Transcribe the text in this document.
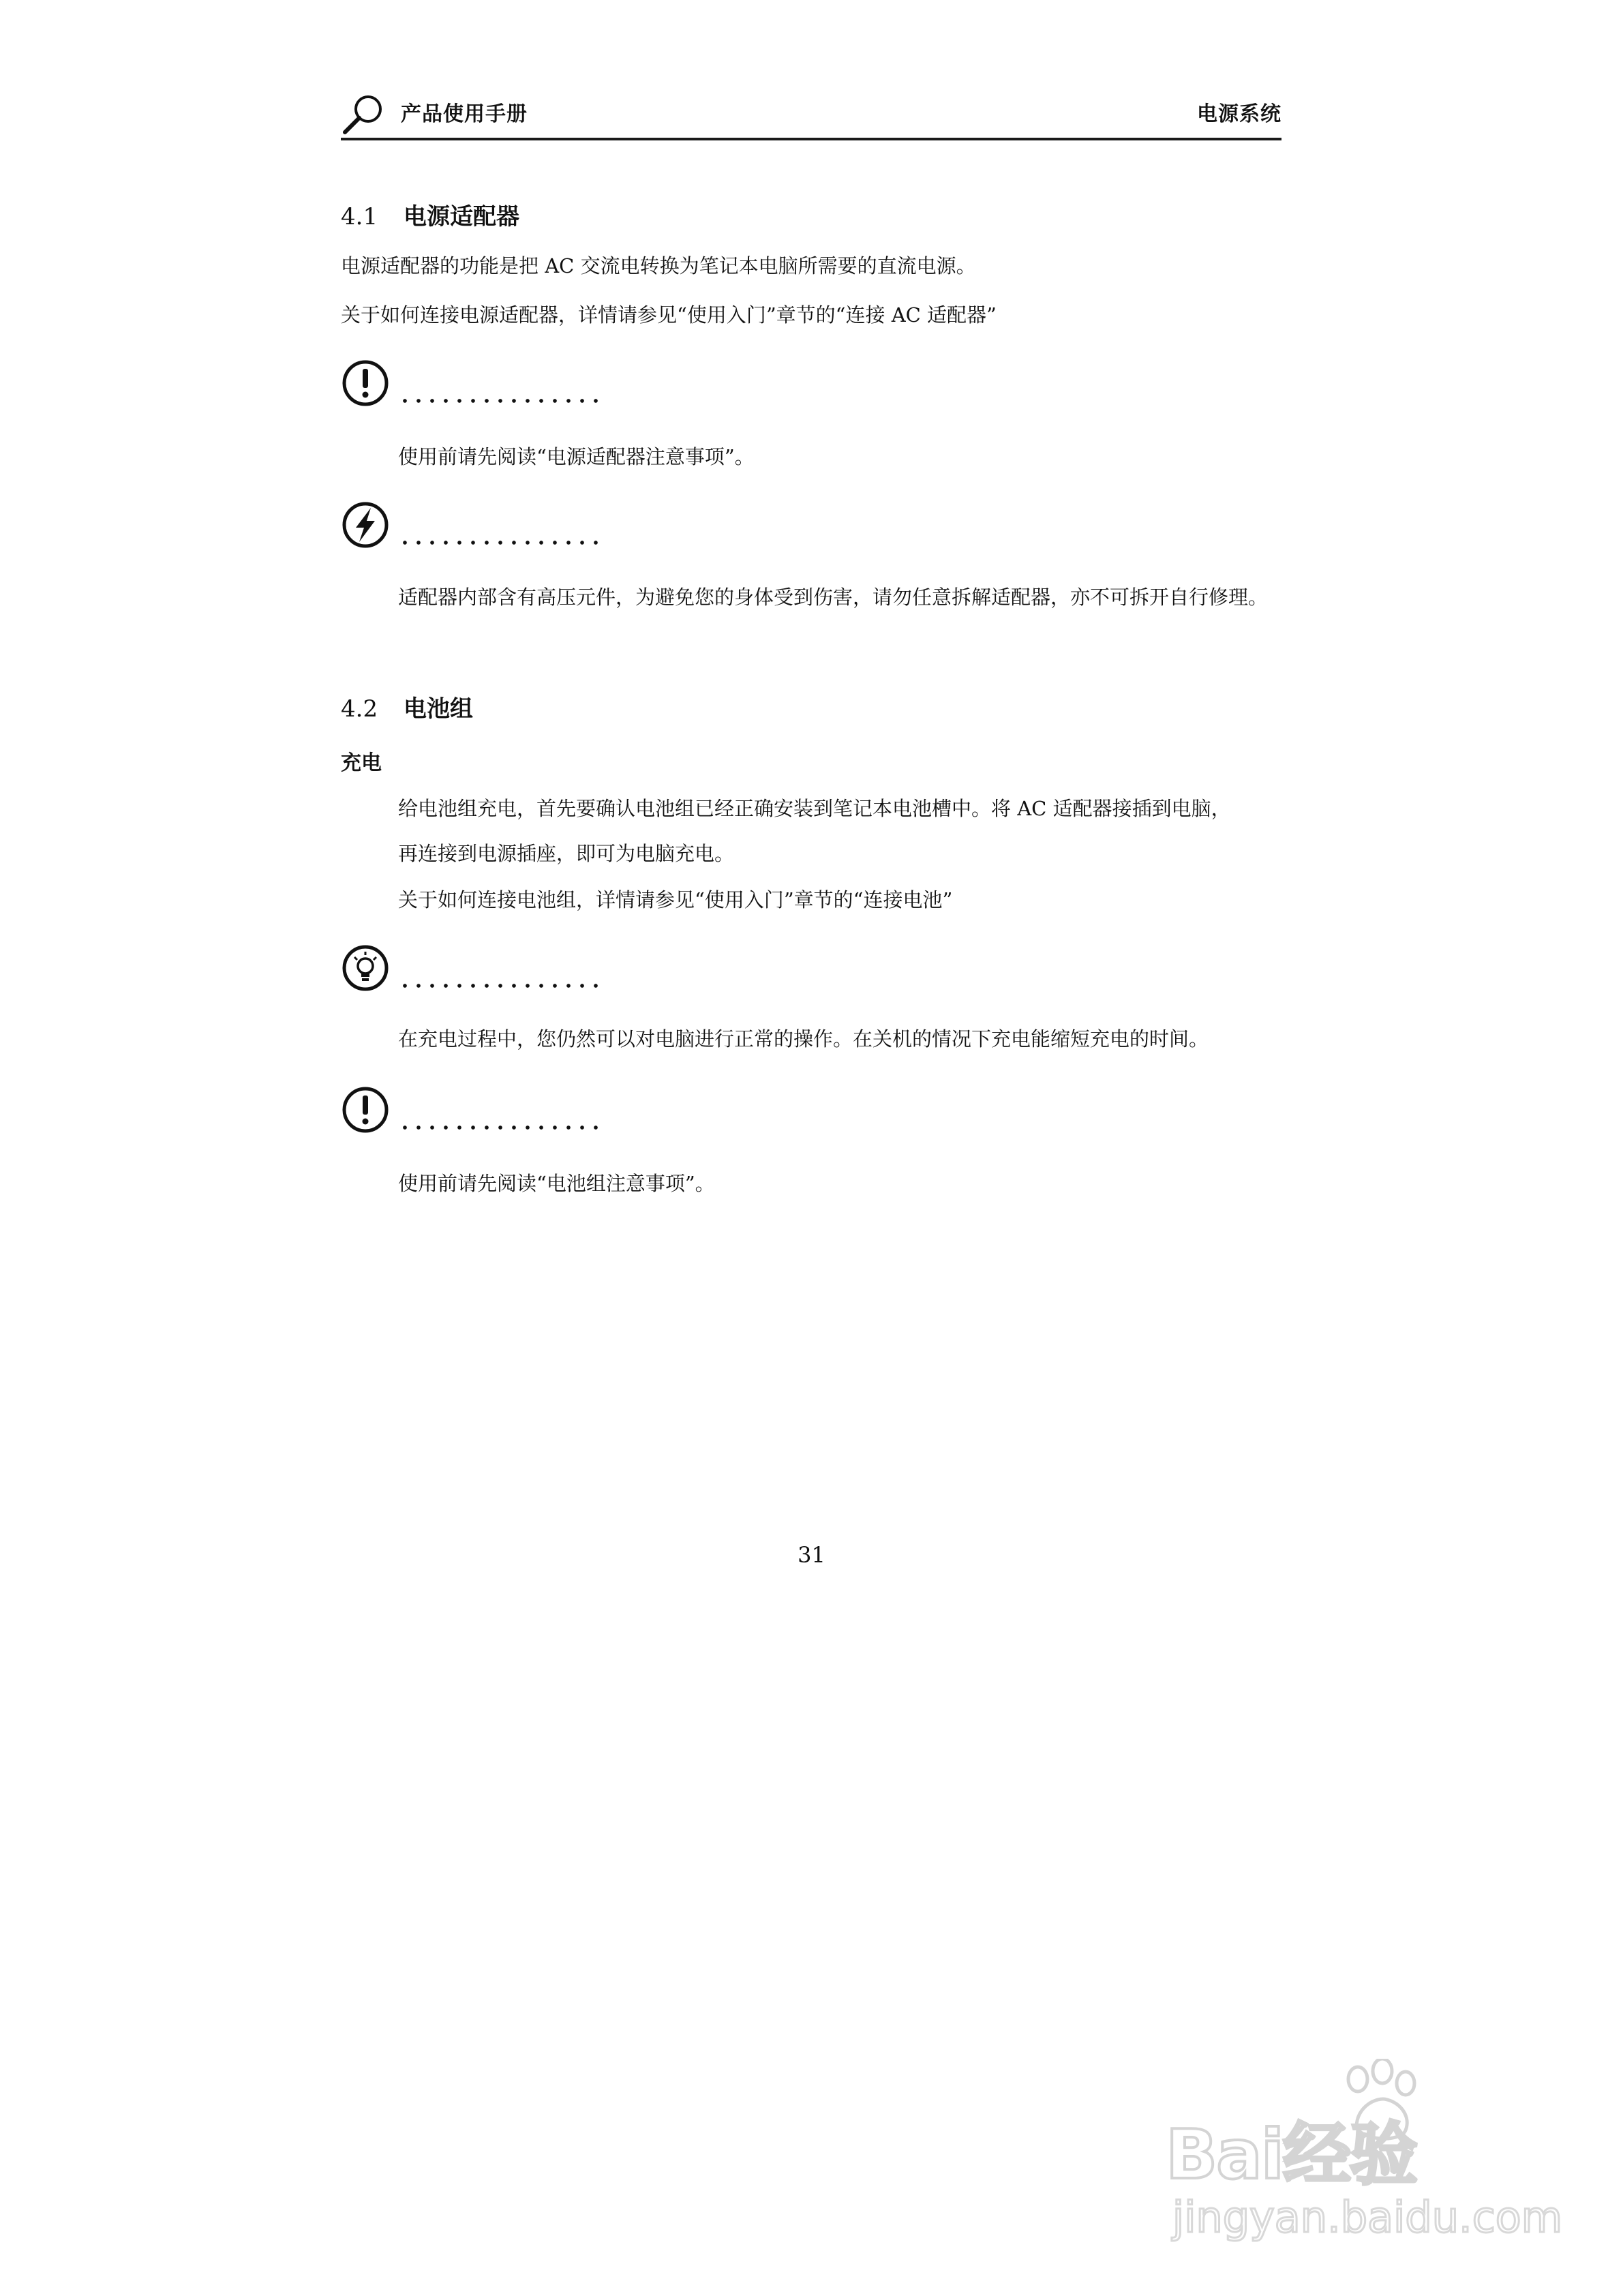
产品使用手册	电源系统
4.1 电源适配器
电源适配器的功能是把 AC 交流电转换为笔记本电脑所需要的直流电源。
关于如何连接电源适配器，详情请参见“使用入门”章节的“连接 AC 适配器”
使用前请先阅读“电源适配器注意事项”。
适配器内部含有高压元件，为避免您的身体受到伤害，请勿任意拆解适配器，亦不可拆开自行修理。
4.2 电池组
充电
给电池组充电，首先要确认电池组已经正确安装到笔记本电池槽中。将 AC 适配器接插到电脑，
再连接到电源插座，即可为电脑充电。
关于如何连接电池组，详情请参见“使用入门”章节的“连接电池”
在充电过程中，您仍然可以对电脑进行正常的操作。在关机的情况下充电能缩短充电的时间。
使用前请先阅读“电池组注意事项”。
31
Bai经验
jingyan.baidu.com
